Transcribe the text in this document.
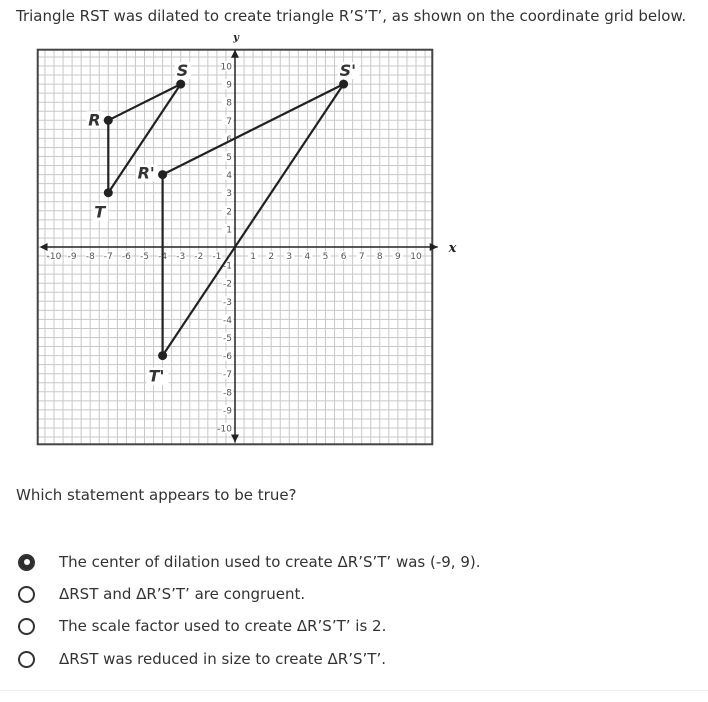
Triangle RST was dilated to create triangle R’S’T’, as shown on the coordinate grid below.
x
y
-10 -9 -8 -7 -6 -5 -4 -3 -2 -1	1 2 3 4 5 6 7 8 9 10
-10
-9
-8
-7
-6
-5
-4
-3
-2
-1
1
2
3
4
5
6
7
8
9
10
R
S
T
R'
S'
T'
Which statement appears to be true?
The center of dilation used to create ΔR’S’T’ was (-9, 9).
ΔRST and ΔR’S’T’ are congruent.
The scale factor used to create ΔR’S’T’ is 2.
ΔRST was reduced in size to create ΔR’S’T’.
